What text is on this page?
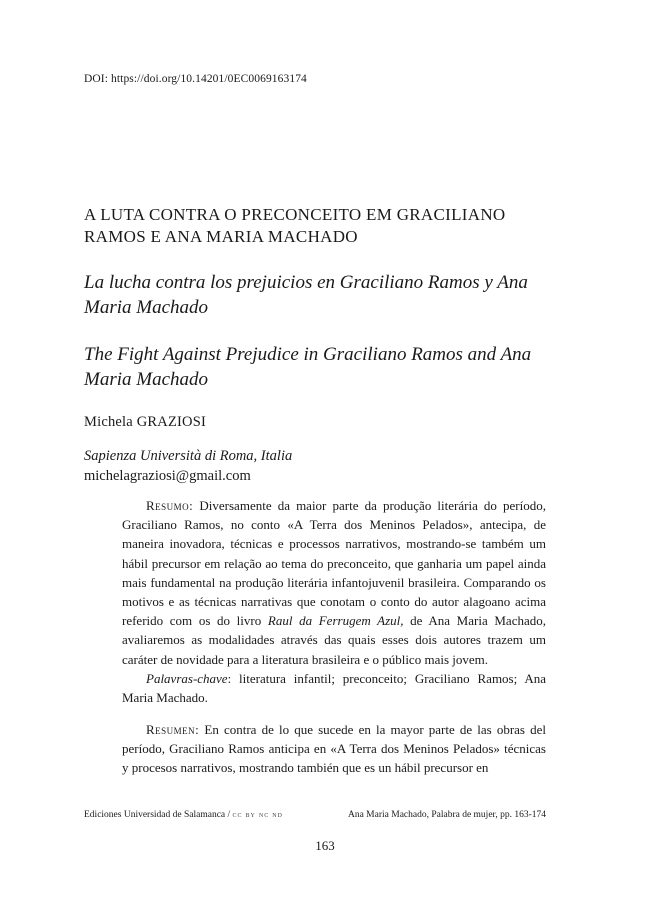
DOI: https://doi.org/10.14201/0EC0069163174
A LUTA CONTRA O PRECONCEITO EM GRACILIANO RAMOS E ANA MARIA MACHADO
La lucha contra los prejuicios en Graciliano Ramos y Ana Maria Machado
The Fight Against Prejudice in Graciliano Ramos and Ana Maria Machado
Michela GRAZIOSI
Sapienza Università di Roma, Italia
michelagraziosi@gmail.com

Resumo: Diversamente da maior parte da produção literária do período, Graciliano Ramos, no conto «A Terra dos Meninos Pelados», antecipa, de maneira inovadora, técnicas e processos narrativos, mostrando-se também um hábil precursor em relação ao tema do preconceito, que ganharia um papel ainda mais fundamental na produção literária infantojuvenil brasileira. Comparando os motivos e as técnicas narrativas que conotam o conto do autor alagoano acima referido com os do livro Raul da Ferrugem Azul, de Ana Maria Machado, avaliaremos as modalidades através das quais esses dois autores trazem um caráter de novidade para a literatura brasileira e o público mais jovem.

Palavras-chave: literatura infantil; preconceito; Graciliano Ramos; Ana Maria Machado.

Resumen: En contra de lo que sucede en la mayor parte de las obras del período, Graciliano Ramos anticipa en «A Terra dos Meninos Pelados» técnicas y procesos narrativos, mostrando también que es un hábil precursor en

Ediciones Universidad de Salamanca / cc by nc nd	Ana Maria Machado, Palabra de mujer, pp. 163-174
163
